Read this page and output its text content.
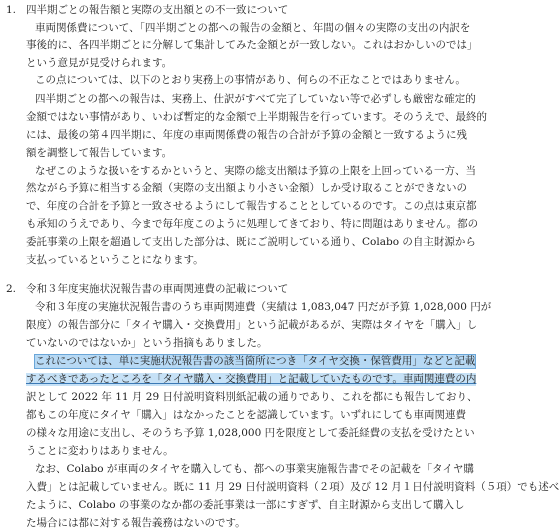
1. 四半期ごとの報告額と実際の支出額との不一致について
車両関係費について、「四半期ごとの都への報告の金額と、年間の個々の実際の支出の内訳を
事後的に、各四半期ごとに分解して集計してみた金額とが一致しない。これはおかしいのでは」
という意見が見受けられます。
この点については、以下のとおり実務上の事情があり、何らの不正なことではありません。
四半期ごとの都への報告は、実務上、仕訳がすべて完了していない等で必ずしも厳密な確定的
金額ではない事情があり、いわば暫定的な金額で上半期報告を行っています。そのうえで、最終的
には、最後の第４四半期に、年度の車両関係費の報告の合計が予算の金額と一致するように残
額を調整して報告しています。
なぜこのような扱いをするかというと、実際の総支出額は予算の上限を上回っている一方、当
然ながら予算に相当する金額（実際の支出額より小さい金額）しか受け取ることができないの
で、年度の合計を予算と一致させるようにして報告することとしているのです。この点は東京都
も承知のうえであり、今まで毎年度このように処理してきており、特に問題はありません。都の
委託事業の上限を超過して支出した部分は、既にご説明している通り、Colabo の自主財源から
支払っているということになります。
2. 令和３年度実施状況報告書の車両関連費の記載について
令和３年度の実施状況報告書のうち車両関連費（実績は 1,083,047 円だが予算 1,028,000 円が
限度）の報告部分に「タイヤ購入・交換費用」という記載があるが、実際はタイヤを「購入」し
ていないのではないか」という指摘もありました。
これについては、単に実施状況報告書の該当箇所につき「タイヤ交換・保管費用」などと記載
するべきであったところを「タイヤ購入・交換費用」と記載していたものです。車両関連費の内
訳として 2022 年 11 月 29 日付説明資料別紙記載の通りであり、これを都にも報告しており、
都もこの年度にタイヤ「購入」はなかったことを認識しています。いずれにしても車両関連費
の様々な用途に支出し、そのうち予算 1,028,000 円を限度として委託経費の支払を受けたとい
うことに変わりはありません。
なお、Colabo が車両のタイヤを購入しても、都への事業実施報告書でその記載を「タイヤ購
入費」とは記載していません。既に 11 月 29 日付説明資料（２項）及び 12 月１日付説明資料（５項）でも述べ
たように、Colabo の事業のなか都の委託事業は一部にすぎず、自主財源から支出して購入し
た場合には都に対する報告義務はないのです。
